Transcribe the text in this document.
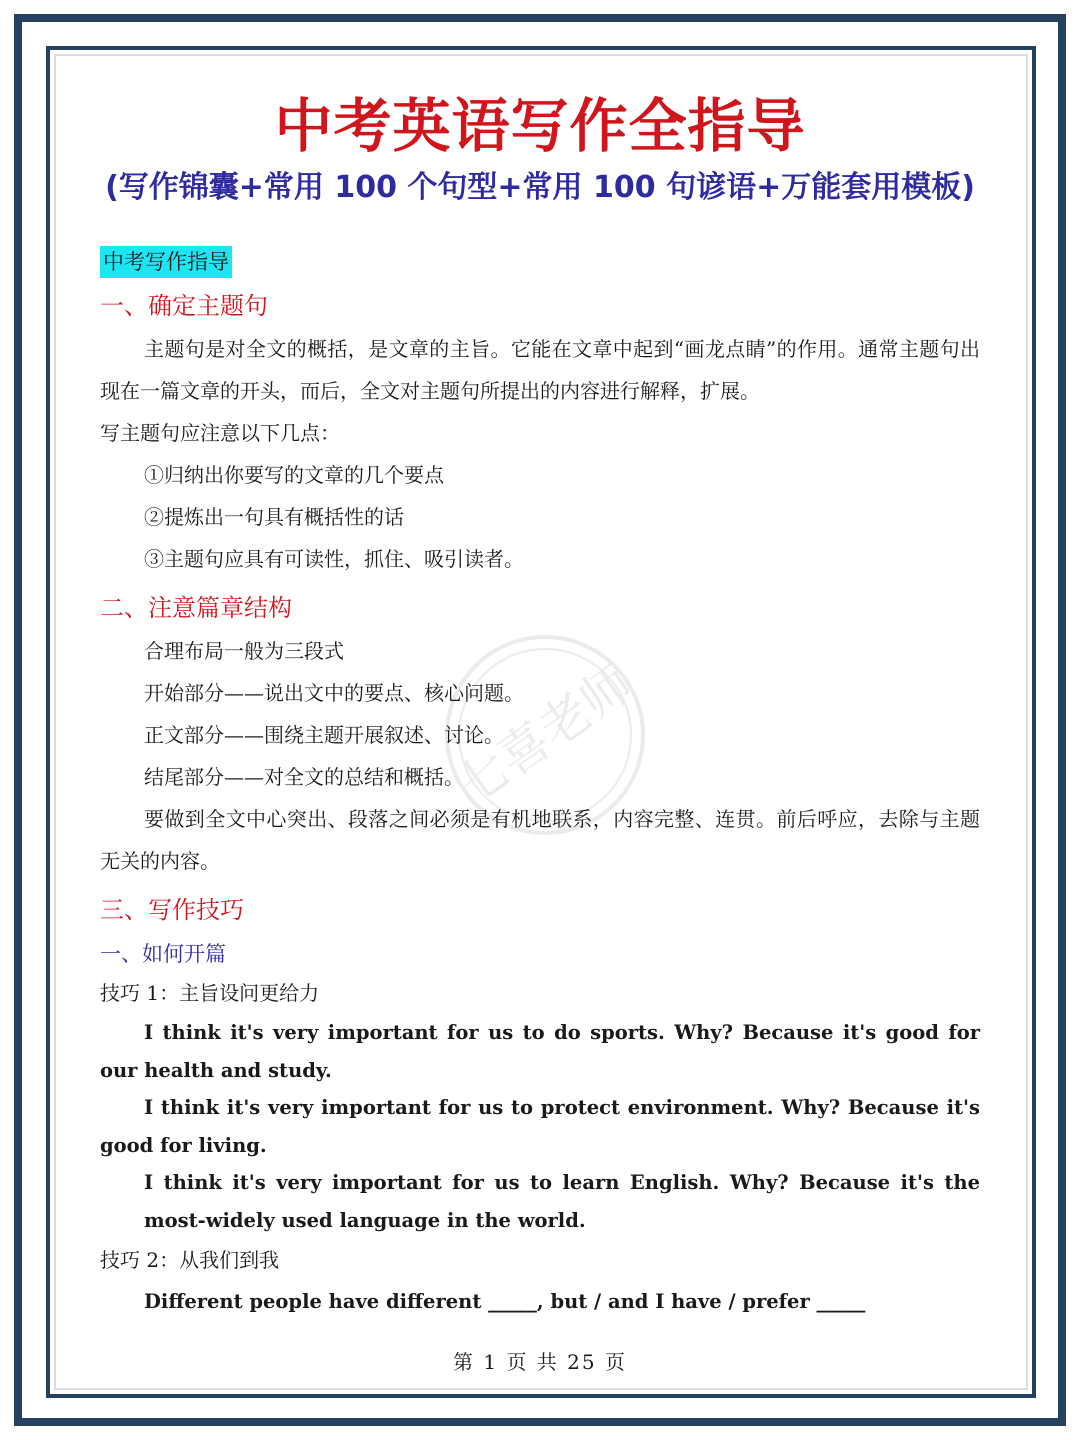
七喜老师
中考英语写作全指导
(写作锦囊+常用 100 个句型+常用 100 句谚语+万能套用模板)
中考写作指导
一、确定主题句

主题句是对全文的概括，是文章的主旨。它能在文章中起到“画龙点睛”的作用。通常主题句出现在一篇文章的开头，而后，全文对主题句所提出的内容进行解释，扩展。

写主题句应注意以下几点：

①归纳出你要写的文章的几个要点

②提炼出一句具有概括性的话

③主题句应具有可读性，抓住、吸引读者。

二、注意篇章结构

合理布局一般为三段式

开始部分——说出文中的要点、核心问题。

正文部分——围绕主题开展叙述、讨论。

结尾部分——对全文的总结和概括。

要做到全文中心突出、段落之间必须是有机地联系，内容完整、连贯。前后呼应，去除与主题无关的内容。

三、写作技巧
一、如何开篇

技巧 1：主旨设问更给力

I think it's very important for us to do sports. Why? Because it's good for our health and study.

I think it's very important for us to protect environment. Why? Because it's good for living.

I think it's very important for us to learn English. Why? Because it's the most-widely used language in the world.

技巧 2：从我们到我

Different people have different _____, but / and I have / prefer _____

第 1 页 共 25 页
